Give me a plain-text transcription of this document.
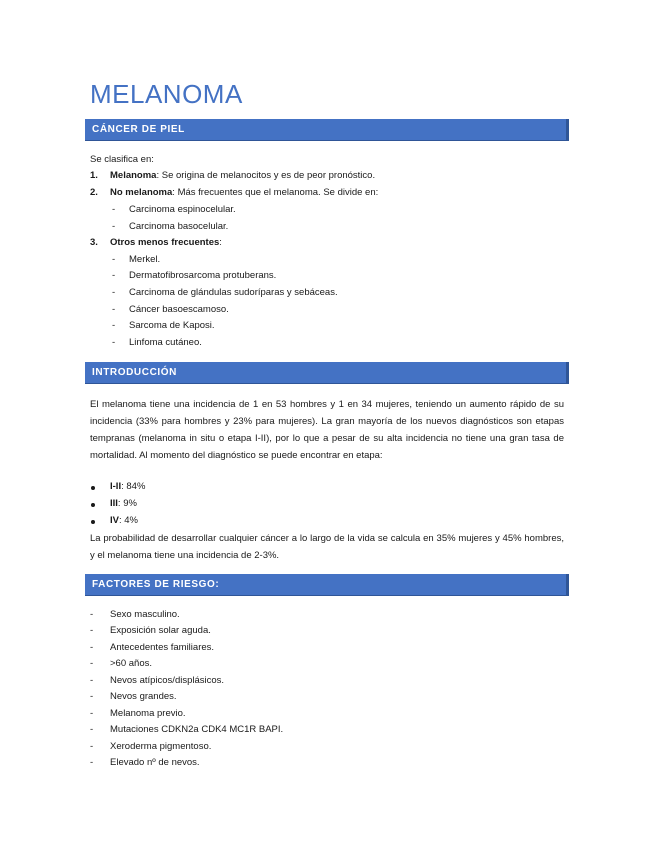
MELANOMA
CÁNCER DE PIEL
Se clasifica en:
1. Melanoma: Se origina de melanocitos y es de peor pronóstico.
2. No melanoma: Más frecuentes que el melanoma. Se divide en:
- Carcinoma espinocelular.
- Carcinoma basocelular.
3. Otros menos frecuentes:
- Merkel.
- Dermatofibrosarcoma protuberans.
- Carcinoma de glándulas sudoríparas y sebáceas.
- Cáncer basoescamoso.
- Sarcoma de Kaposi.
- Linfoma cutáneo.
INTRODUCCIÓN
El melanoma tiene una incidencia de 1 en 53 hombres y 1 en 34 mujeres, teniendo un aumento rápido de su incidencia (33% para hombres y 23% para mujeres). La gran mayoría de los nuevos diagnósticos son etapas tempranas (melanoma in situ o etapa I-II), por lo que a pesar de su alta incidencia no tiene una gran tasa de mortalidad. Al momento del diagnóstico se puede encontrar en etapa:
I-II: 84%
III: 9%
IV: 4%
La probabilidad de desarrollar cualquier cáncer a lo largo de la vida se calcula en 35% mujeres y 45% hombres, y el melanoma tiene una incidencia de 2-3%.
FACTORES DE RIESGO:
- Sexo masculino.
- Exposición solar aguda.
- Antecedentes familiares.
- >60 años.
- Nevos atípicos/displásicos.
- Nevos grandes.
- Melanoma previo.
- Mutaciones CDKN2a CDK4 MC1R BAPI.
- Xeroderma pigmentoso.
- Elevado nº de nevos.
